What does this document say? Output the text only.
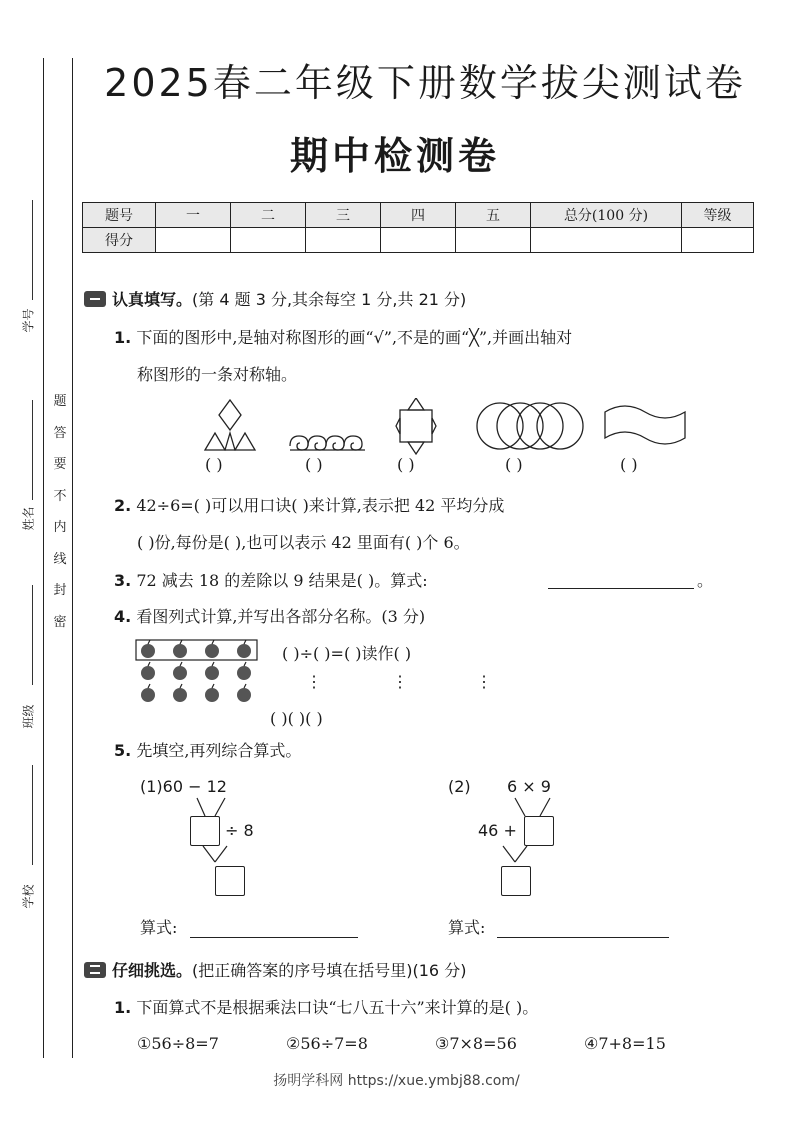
题
答
要
不
内
线
封
密
学号
姓名
班级
学校
2025春二年级下册数学拔尖测试卷
期中检测卷
题号	一	二	三	四	五	总分(100 分)	等级
得分							
认真填写。(第 4 题 3 分,其余每空 1 分,共 21 分)
1. 下面的图形中,是轴对称图形的画“√”,不是的画“╳”,并画出轴对
称图形的一条对称轴。
( )	( )	( )	( )	( )
2. 42÷6=( )可以用口诀( )来计算,表示把 42 平均分成
( )份,每份是( ),也可以表示 42 里面有( )个 6。
3. 72 减去 18 的差除以 9 结果是( )。算式:	。
4. 看图列式计算,并写出各部分名称。(3 分)
( )÷( )=( )读作( )
⋮	⋮	⋮
( )( )( )
5. 先填空,再列综合算式。
(1)60 − 12
÷ 8
算式:
(2) 6 × 9
46 +
算式:
仔细挑选。(把正确答案的序号填在括号里)(16 分)
1. 下面算式不是根据乘法口诀“七八五十六”来计算的是( )。
①56÷8=7	②56÷7=8	③7×8=56	④7+8=15
扬明学科网 https://xue.ymbj88.com/
